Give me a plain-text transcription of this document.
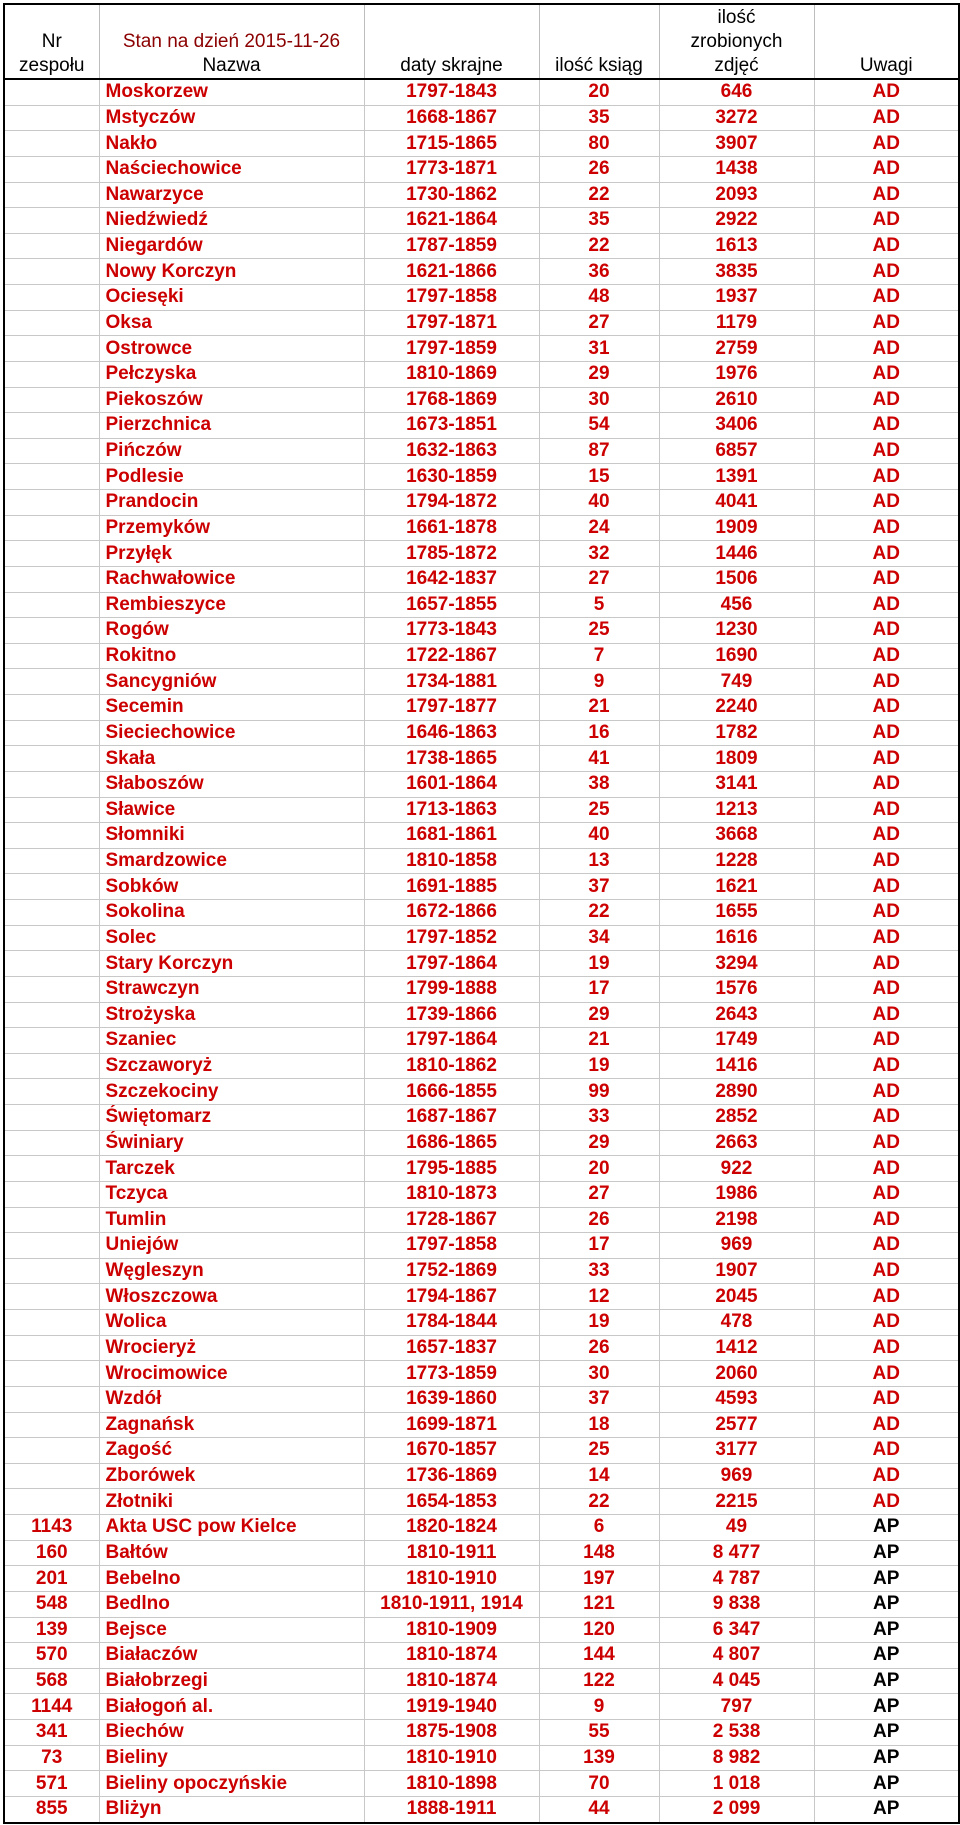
Nr
zespołu	Stan na dzień 2015-11-26
Nazwa	daty skrajne	ilość ksiąg	ilość
zrobionych
zdjęć	Uwagi

	Moskorzew	1797-1843	20	646	AD
	Mstyczów	1668-1867	35	3272	AD
	Nakło	1715-1865	80	3907	AD
	Naściechowice	1773-1871	26	1438	AD
	Nawarzyce	1730-1862	22	2093	AD
	Niedźwiedź	1621-1864	35	2922	AD
	Niegardów	1787-1859	22	1613	AD
	Nowy Korczyn	1621-1866	36	3835	AD
	Ociesęki	1797-1858	48	1937	AD
	Oksa	1797-1871	27	1179	AD
	Ostrowce	1797-1859	31	2759	AD
	Pełczyska	1810-1869	29	1976	AD
	Piekoszów	1768-1869	30	2610	AD
	Pierzchnica	1673-1851	54	3406	AD
	Pińczów	1632-1863	87	6857	AD
	Podlesie	1630-1859	15	1391	AD
	Prandocin	1794-1872	40	4041	AD
	Przemyków	1661-1878	24	1909	AD
	Przyłęk	1785-1872	32	1446	AD
	Rachwałowice	1642-1837	27	1506	AD
	Rembieszyce	1657-1855	5	456	AD
	Rogów	1773-1843	25	1230	AD
	Rokitno	1722-1867	7	1690	AD
	Sancygniów	1734-1881	9	749	AD
	Secemin	1797-1877	21	2240	AD
	Sieciechowice	1646-1863	16	1782	AD
	Skała	1738-1865	41	1809	AD
	Słaboszów	1601-1864	38	3141	AD
	Sławice	1713-1863	25	1213	AD
	Słomniki	1681-1861	40	3668	AD
	Smardzowice	1810-1858	13	1228	AD
	Sobków	1691-1885	37	1621	AD
	Sokolina	1672-1866	22	1655	AD
	Solec	1797-1852	34	1616	AD
	Stary Korczyn	1797-1864	19	3294	AD
	Strawczyn	1799-1888	17	1576	AD
	Strożyska	1739-1866	29	2643	AD
	Szaniec	1797-1864	21	1749	AD
	Szczaworyż	1810-1862	19	1416	AD
	Szczekociny	1666-1855	99	2890	AD
	Świętomarz	1687-1867	33	2852	AD
	Świniary	1686-1865	29	2663	AD
	Tarczek	1795-1885	20	922	AD
	Tczyca	1810-1873	27	1986	AD
	Tumlin	1728-1867	26	2198	AD
	Uniejów	1797-1858	17	969	AD
	Węgleszyn	1752-1869	33	1907	AD
	Włoszczowa	1794-1867	12	2045	AD
	Wolica	1784-1844	19	478	AD
	Wrocieryż	1657-1837	26	1412	AD
	Wrocimowice	1773-1859	30	2060	AD
	Wzdół	1639-1860	37	4593	AD
	Zagnańsk	1699-1871	18	2577	AD
	Zagość	1670-1857	25	3177	AD
	Zborówek	1736-1869	14	969	AD
	Złotniki	1654-1853	22	2215	AD
1143	Akta USC pow Kielce	1820-1824	6	49	AP
160	Bałtów	1810-1911	148	8 477	AP
201	Bebelno	1810-1910	197	4 787	AP
548	Bedlno	1810-1911, 1914	121	9 838	AP
139	Bejsce	1810-1909	120	6 347	AP
570	Białaczów	1810-1874	144	4 807	AP
568	Białobrzegi	1810-1874	122	4 045	AP
1144	Białogoń al.	1919-1940	9	797	AP
341	Biechów	1875-1908	55	2 538	AP
73	Bieliny	1810-1910	139	8 982	AP
571	Bieliny opoczyńskie	1810-1898	70	1 018	AP
855	Bliżyn	1888-1911	44	2 099	AP
